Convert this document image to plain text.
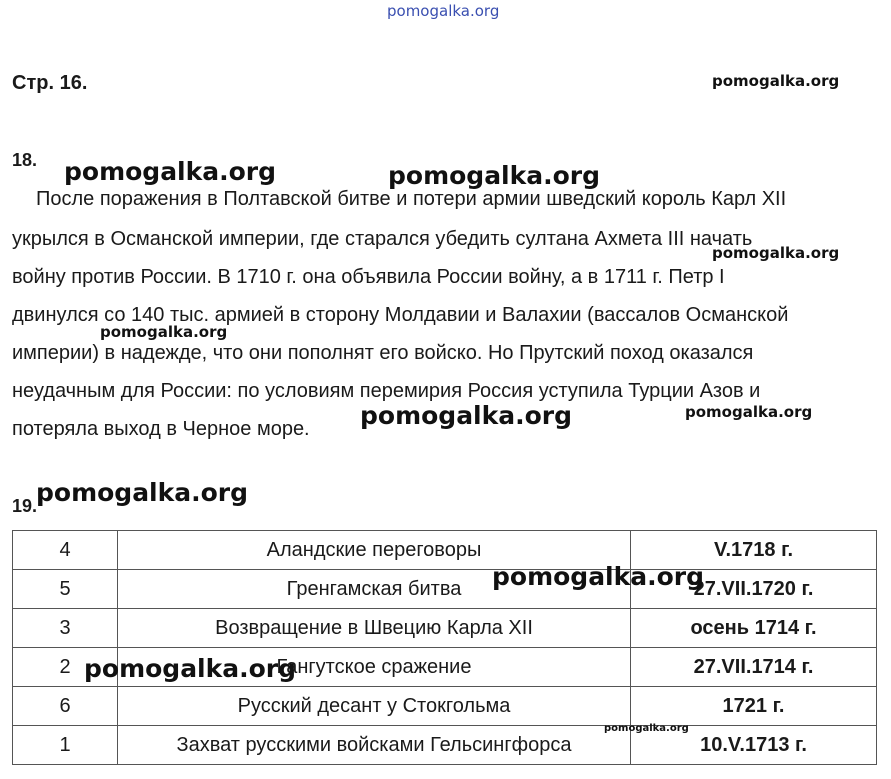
pomogalka.org
Стр. 16.	pomogalka.org
18.
После поражения в Полтавской битве и потери армии шведский король Карл XII
укрылся в Османской империи, где старался убедить султана Ахмета III начать
войну против России. В 1710 г. она объявила России войну, а в 1711 г. Петр I
двинулся со 140 тыс. армией в сторону Молдавии и Валахии (вассалов Османской
империи) в надежде, что они пополнят его войско. Но Прутский поход оказался
неудачным для России: по условиям перемирия Россия уступила Турции Азов и
потеряла выход в Черное море.
19.
4	Аландские переговоры	V.1718 г.
5	Гренгамская битва	27.VII.1720 г.
3	Возвращение в Швецию Карла XII	осень 1714 г.
2	Гангутское сражение	27.VII.1714 г.
6	Русский десант у Стокгольма	1721 г.
1	Захват русскими войсками Гельсингфорса	10.V.1713 г.
pomogalka.org	pomogalka.org
pomogalka.org
pomogalka.org
pomogalka.org	pomogalka.org
pomogalka.org
pomogalka.org
pomogalka.org
pomogalka.org
